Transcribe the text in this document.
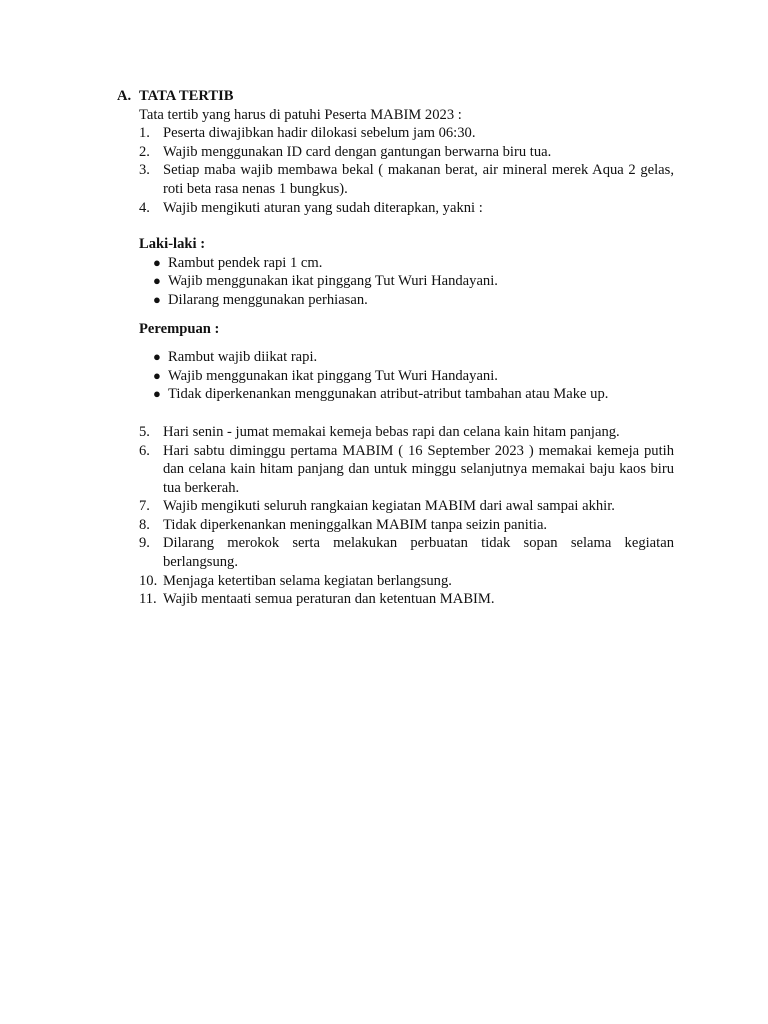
A. TATA TERTIB
Tata tertib yang harus di patuhi Peserta MABIM 2023 :
1. Peserta diwajibkan hadir dilokasi sebelum jam 06:30.
2. Wajib menggunakan ID card dengan gantungan berwarna biru tua.
3. Setiap maba wajib membawa bekal ( makanan berat, air mineral merek Aqua 2 gelas, roti beta rasa nenas 1 bungkus).
4. Wajib mengikuti aturan yang sudah diterapkan, yakni :
Laki-laki :
● Rambut pendek rapi 1 cm.
● Wajib menggunakan ikat pinggang Tut Wuri Handayani.
● Dilarang menggunakan perhiasan.
Perempuan :
● Rambut wajib diikat rapi.
● Wajib menggunakan ikat pinggang Tut Wuri Handayani.
● Tidak diperkenankan menggunakan atribut-atribut tambahan atau Make up.
5. Hari senin - jumat memakai kemeja bebas rapi dan celana kain hitam panjang.
6. Hari sabtu diminggu pertama MABIM ( 16 September 2023 ) memakai kemeja putih dan celana kain hitam panjang dan untuk minggu selanjutnya memakai baju kaos biru tua berkerah.
7. Wajib mengikuti seluruh rangkaian kegiatan MABIM dari awal sampai akhir.
8. Tidak diperkenankan meninggalkan MABIM tanpa seizin panitia.
9. Dilarang merokok serta melakukan perbuatan tidak sopan selama kegiatan berlangsung.
10. Menjaga ketertiban selama kegiatan berlangsung.
11. Wajib mentaati semua peraturan dan ketentuan MABIM.
